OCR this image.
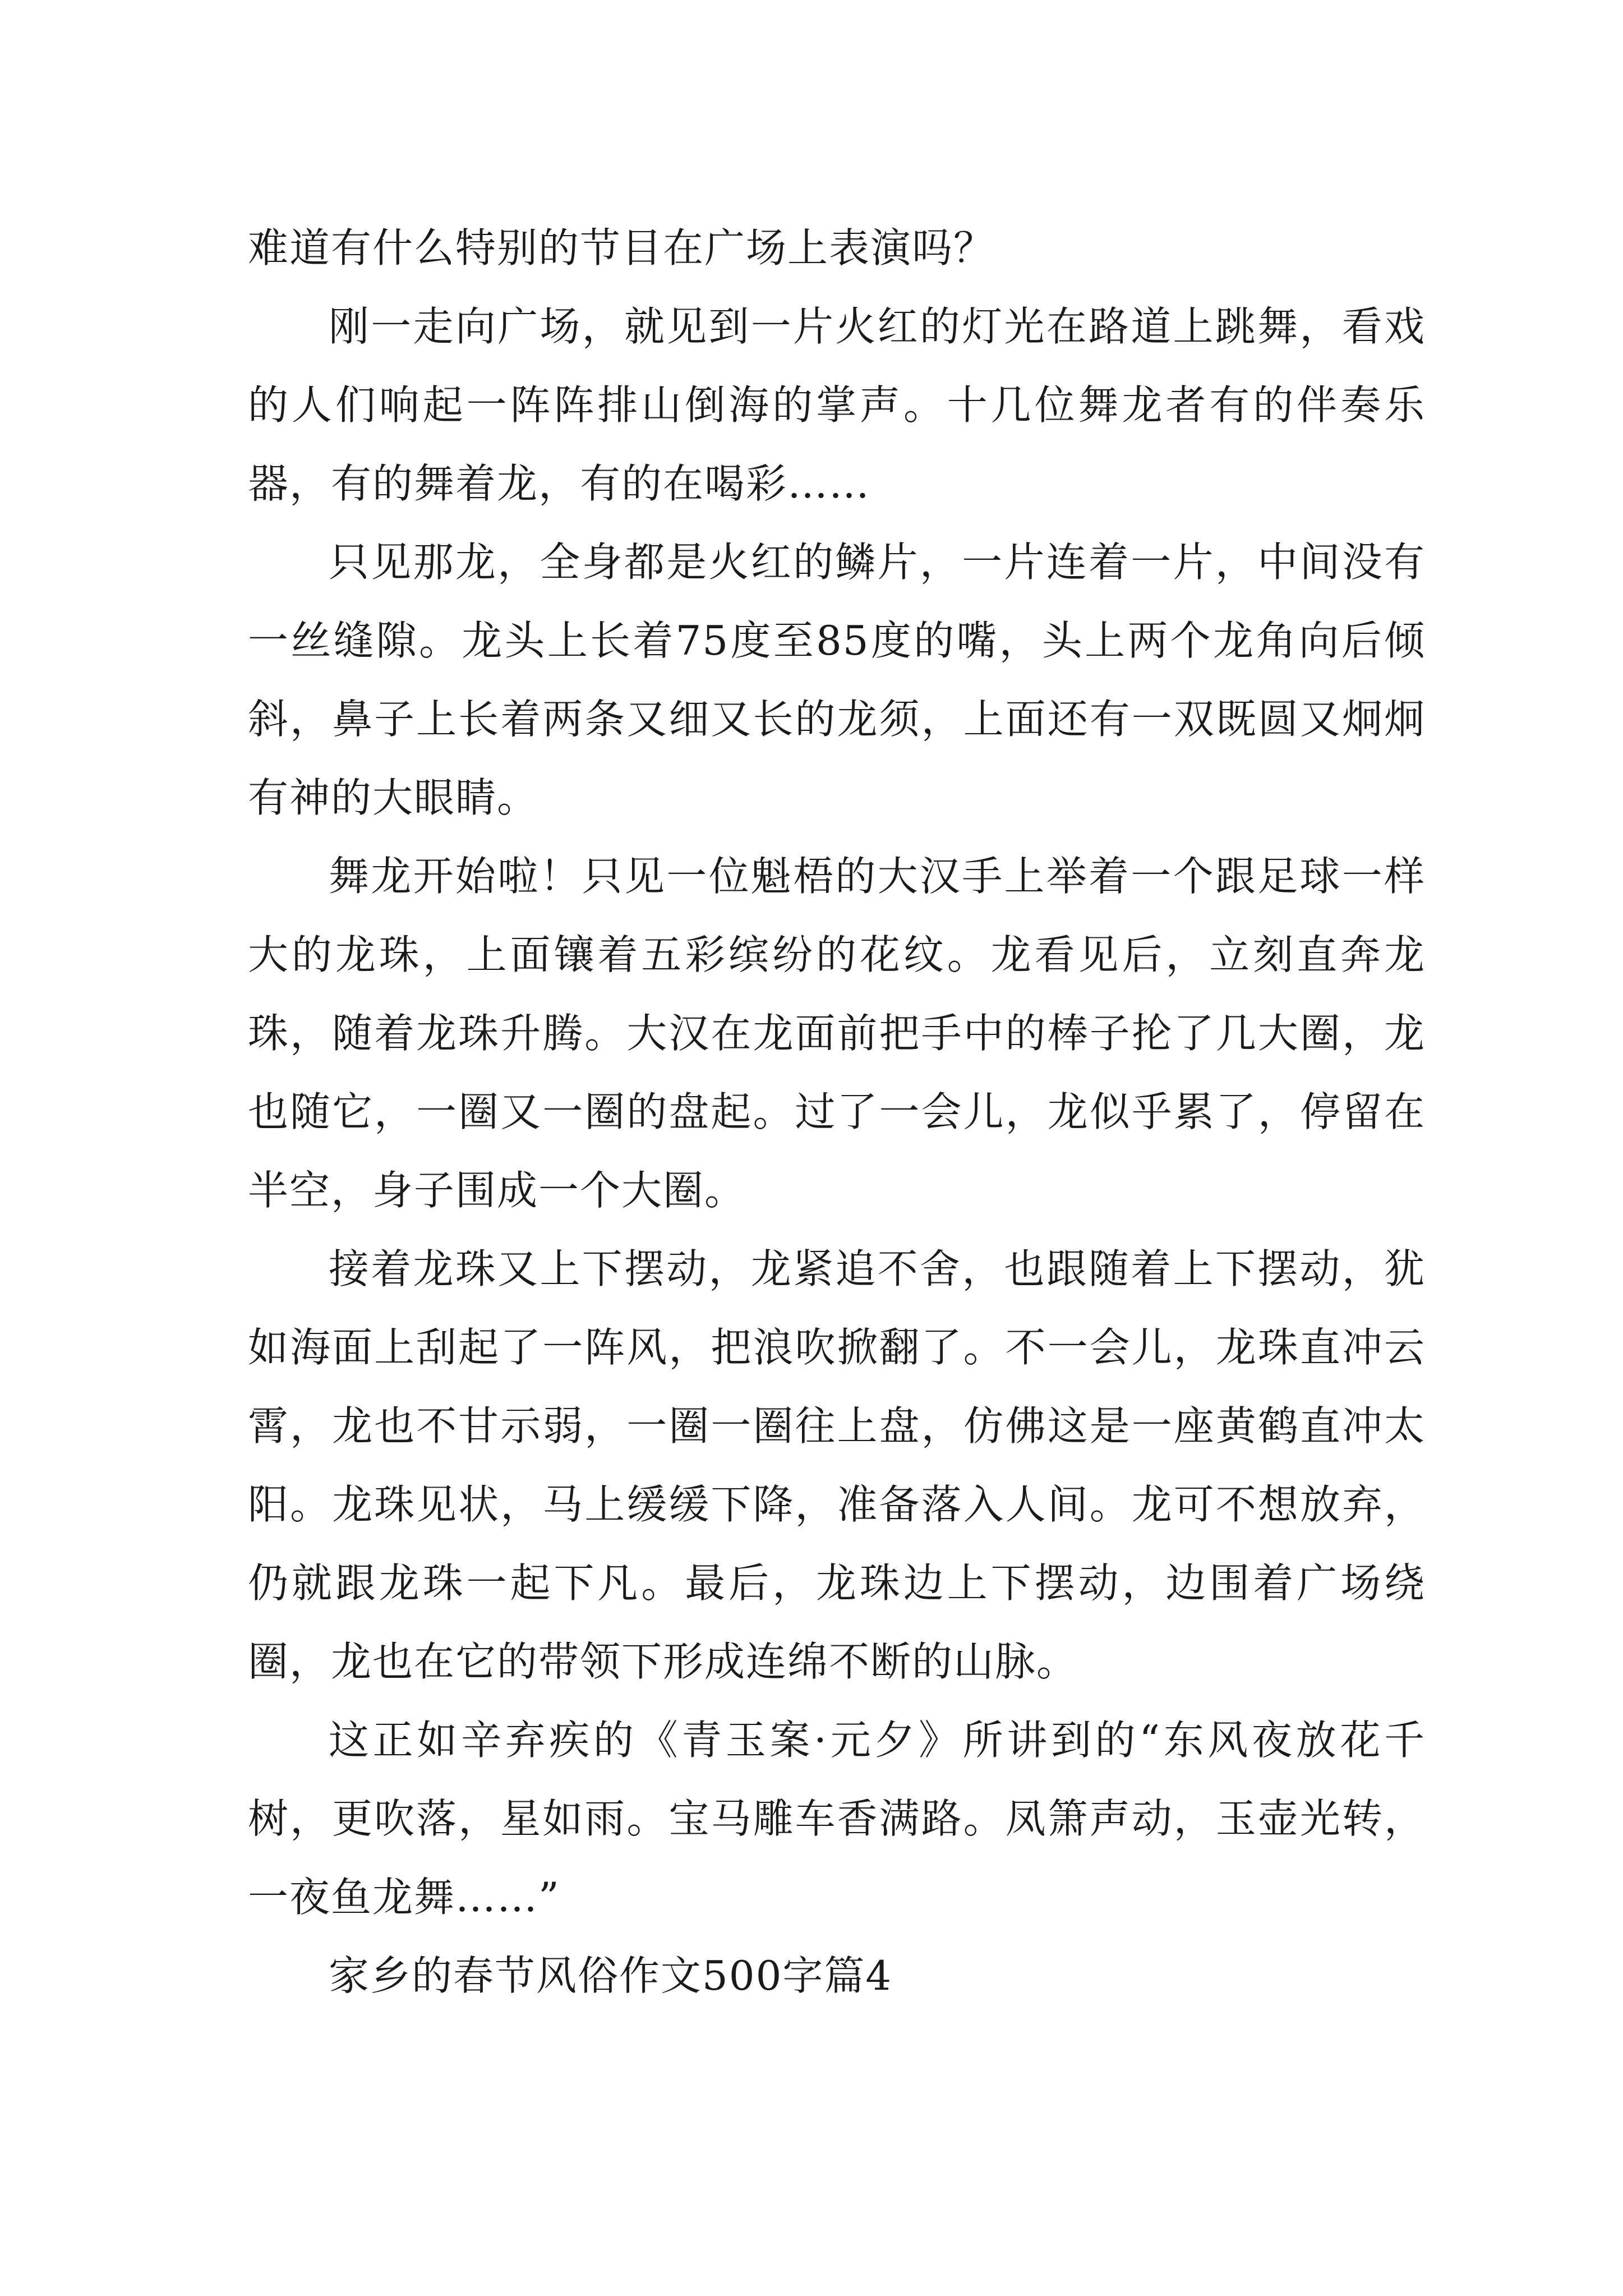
难道有什么特别的节目在广场上表演吗？

刚一走向广场，就见到一片火红的灯光在路道上跳舞，看戏的人们响起一阵阵排山倒海的掌声。十几位舞龙者有的伴奏乐器，有的舞着龙，有的在喝彩……

只见那龙，全身都是火红的鳞片，一片连着一片，中间没有一丝缝隙。龙头上长着75度至85度的嘴，头上两个龙角向后倾斜，鼻子上长着两条又细又长的龙须，上面还有一双既圆又炯炯有神的大眼睛。

舞龙开始啦！只见一位魁梧的大汉手上举着一个跟足球一样大的龙珠，上面镶着五彩缤纷的花纹。龙看见后，立刻直奔龙珠，随着龙珠升腾。大汉在龙面前把手中的棒子抡了几大圈，龙也随它，一圈又一圈的盘起。过了一会儿，龙似乎累了，停留在半空，身子围成一个大圈。

接着龙珠又上下摆动，龙紧追不舍，也跟随着上下摆动，犹如海面上刮起了一阵风，把浪吹掀翻了。不一会儿，龙珠直冲云霄，龙也不甘示弱，一圈一圈往上盘，仿佛这是一座黄鹤直冲太阳。龙珠见状，马上缓缓下降，准备落入人间。龙可不想放弃，仍就跟龙珠一起下凡。最后，龙珠边上下摆动，边围着广场绕圈，龙也在它的带领下形成连绵不断的山脉。

这正如辛弃疾的《青玉案·元夕》所讲到的“东风夜放花千树，更吹落，星如雨。宝马雕车香满路。凤箫声动，玉壶光转，一夜鱼龙舞……”

家乡的春节风俗作文500字篇4
